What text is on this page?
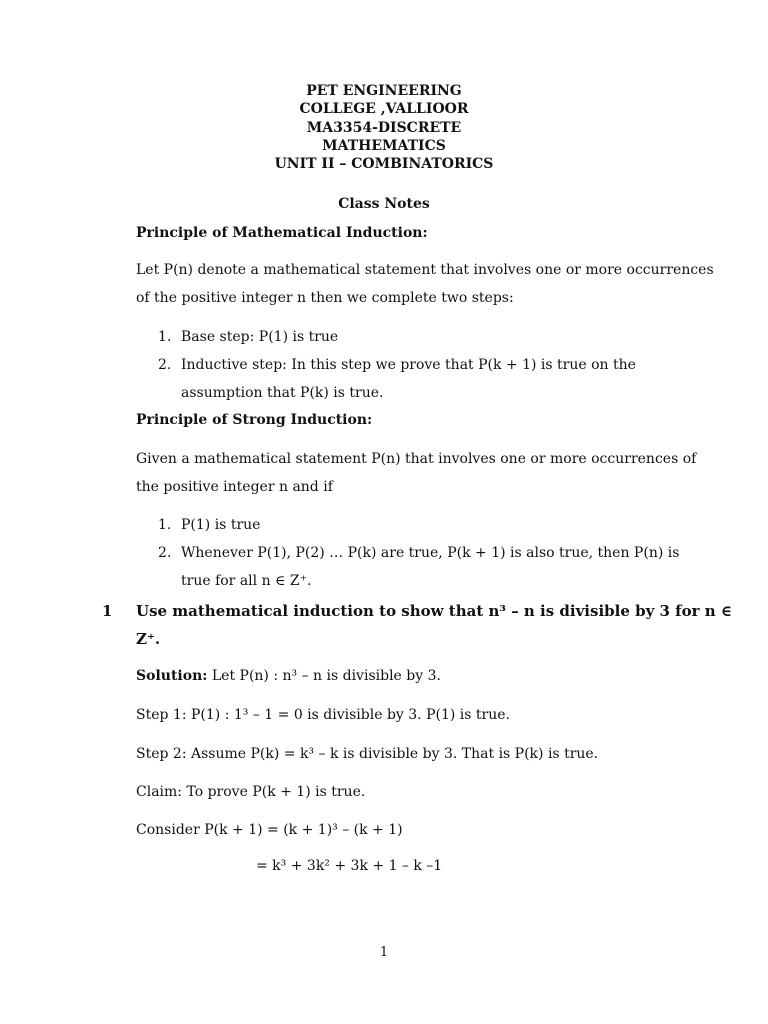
PET ENGINEERING
COLLEGE ,VALLIOOR
MA3354-DISCRETE
MATHEMATICS
UNIT II – COMBINATORICS
Class Notes
Principle of Mathematical Induction:
Let P(n) denote a mathematical statement that involves one or more occurrences
of the positive integer n then we complete two steps:
1. Base step: P(1) is true
2. Inductive step: In this step we prove that P(k + 1) is true on the
assumption that P(k) is true.
Principle of Strong Induction:
Given a mathematical statement P(n) that involves one or more occurrences of
the positive integer n and if
1. P(1) is true
2. Whenever P(1), P(2) … P(k) are true, P(k + 1) is also true, then P(n) is
true for all n ∈ Z⁺.
1 Use mathematical induction to show that n³ – n is divisible by 3 for n ∈
Z⁺.
Solution: Let P(n) : n³ – n is divisible by 3.
Step 1: P(1) : 1³ – 1 = 0 is divisible by 3. P(1) is true.
Step 2: Assume P(k) = k³ – k is divisible by 3. That is P(k) is true.
Claim: To prove P(k + 1) is true.
Consider P(k + 1) = (k + 1)³ – (k + 1)
= k³ + 3k² + 3k + 1 – k –1
1
